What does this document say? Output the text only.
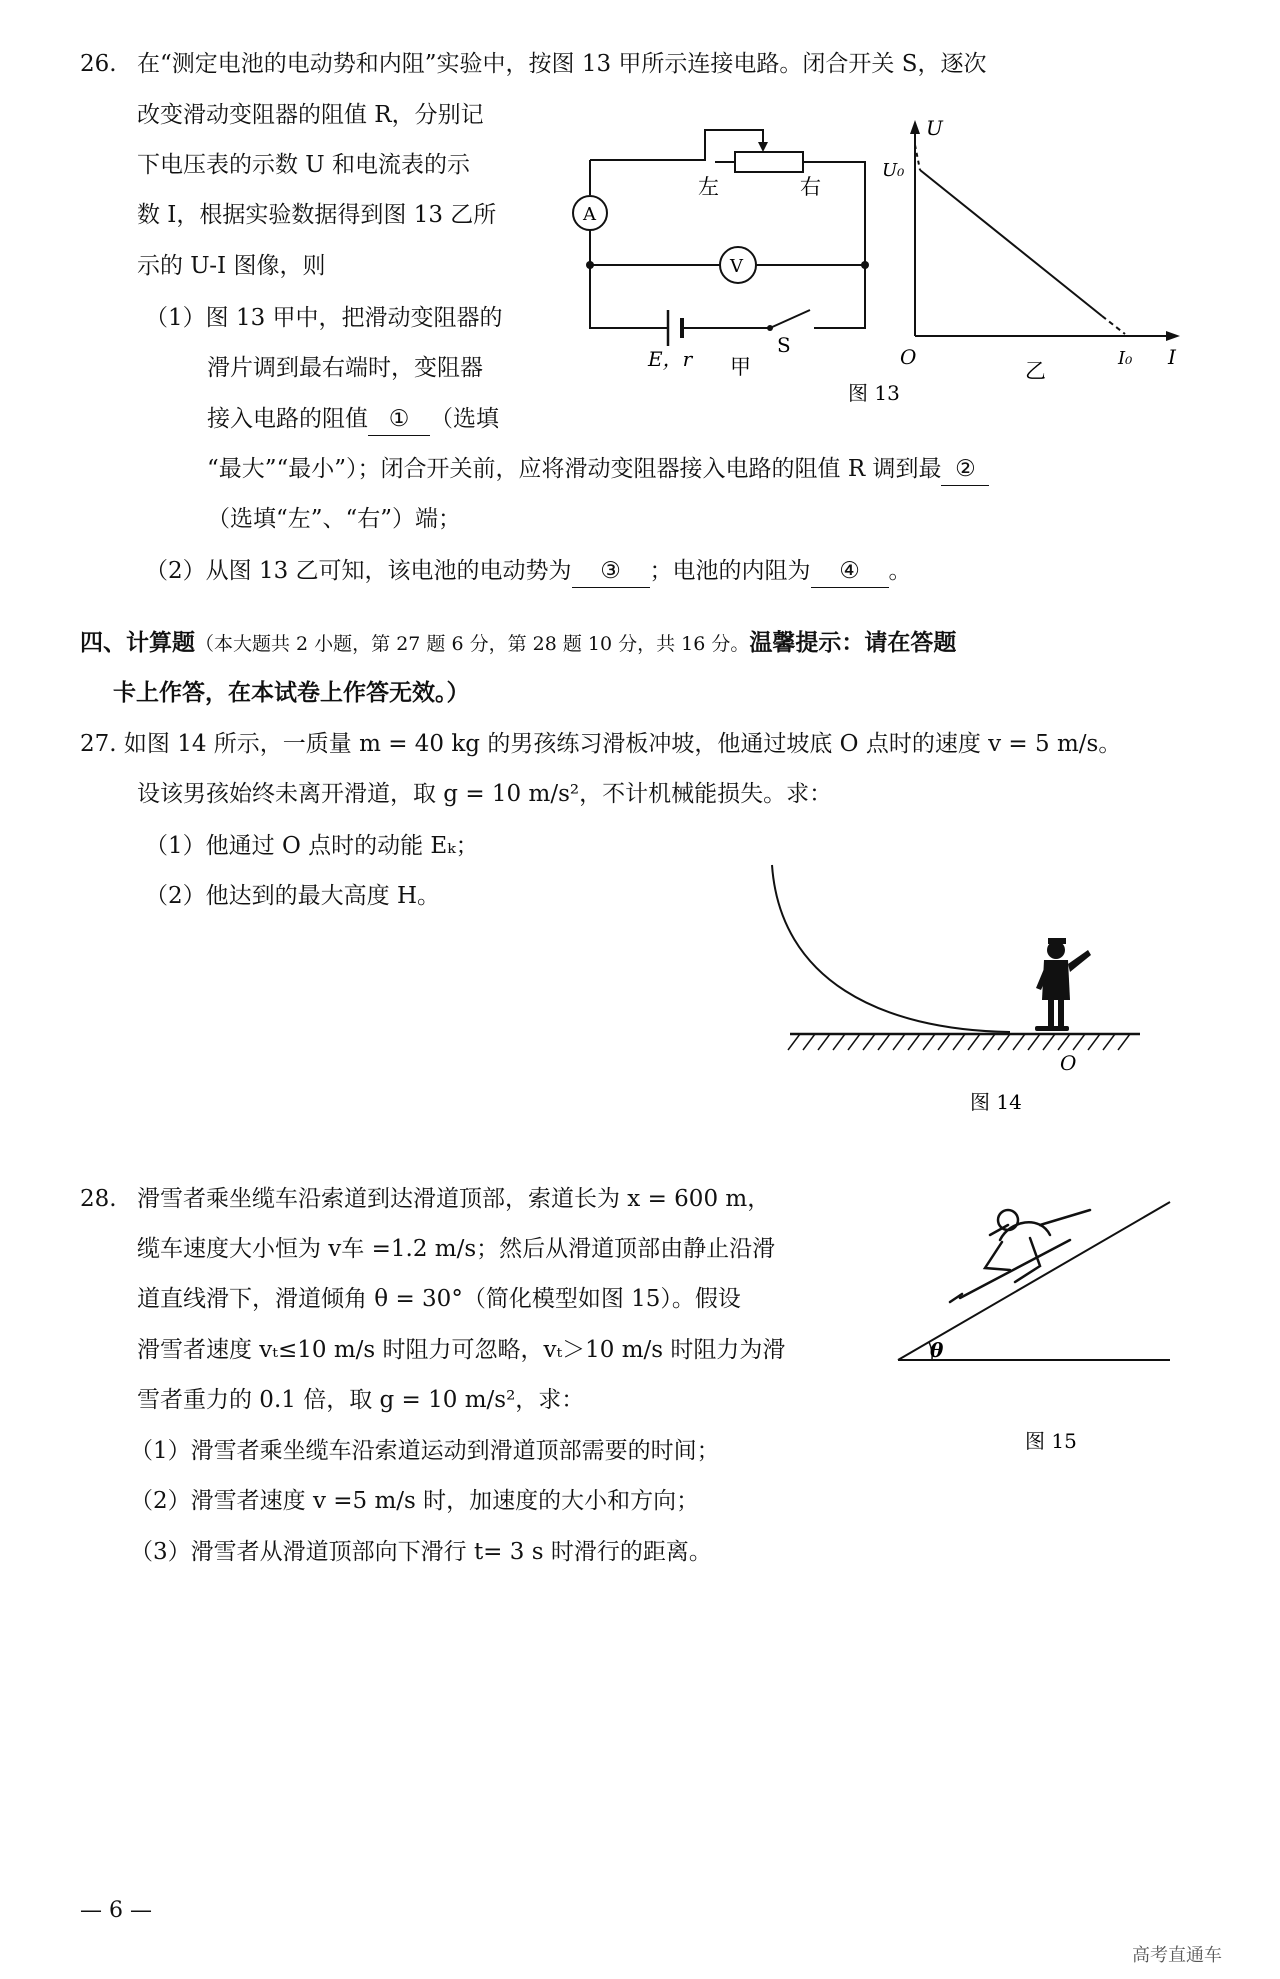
26. 在“测定电池的电动势和内阻”实验中，按图 13 甲所示连接电路。闭合开关 S，逐次
改变滑动变阻器的阻值 R，分别记
下电压表的示数 U 和电流表的示
数 I，根据实验数据得到图 13 乙所
示的 U-I 图像，则
（1）图 13 甲中，把滑动变阻器的
滑片调到最右端时，变阻器
接入电路的阻值 ① （选填
“最大”“最小”）；闭合开关前，应将滑动变阻器接入电路的阻值 R 调到最 ②
（选填“左”、“右”）端；
（2）从图 13 乙可知，该电池的电动势为 ③ ；电池的内阻为 ④ 。
A
V
左	右
E，r
S
甲
U
I
O
U₀
I₀
乙
图 13
四、计算题（本大题共 2 小题，第 27 题 6 分，第 28 题 10 分，共 16 分。温馨提示：请在答题
卡上作答，在本试卷上作答无效。）
27. 如图 14 所示，一质量 m = 40 kg 的男孩练习滑板冲坡，他通过坡底 O 点时的速度 v = 5 m/s。
设该男孩始终未离开滑道，取 g = 10 m/s²，不计机械能损失。求：
（1）他通过 O 点时的动能 Eₖ；
（2）他达到的最大高度 H。
O
图 14
28. 滑雪者乘坐缆车沿索道到达滑道顶部，索道长为 x = 600 m，
缆车速度大小恒为 v车 =1.2 m/s；然后从滑道顶部由静止沿滑
道直线滑下，滑道倾角 θ = 30°（简化模型如图 15）。假设
滑雪者速度 vₜ≤10 m/s 时阻力可忽略，vₜ＞10 m/s 时阻力为滑
雪者重力的 0.1 倍，取 g = 10 m/s²，求：
（1）滑雪者乘坐缆车沿索道运动到滑道顶部需要的时间；
（2）滑雪者速度 v =5 m/s 时，加速度的大小和方向；
（3）滑雪者从滑道顶部向下滑行 t= 3 s 时滑行的距离。
θ
图 15
— 6 —
高考直通车
